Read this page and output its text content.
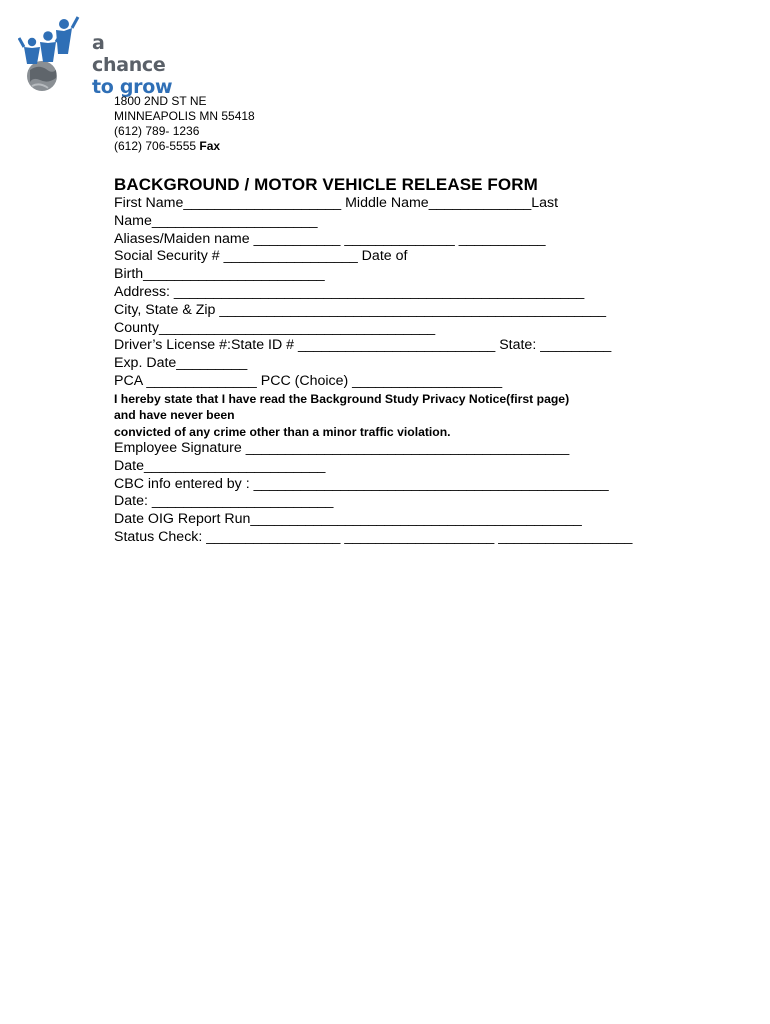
a chance
to grow
1800 2ND ST NE
MINNEAPOLIS MN 55418
(612) 789- 1236
(612) 706-5555 Fax
BACKGROUND / MOTOR VEHICLE RELEASE FORM
First Name____________________ Middle Name_____________Last
Name_____________________
Aliases/Maiden name ___________ ______________ ___________
Social Security # _________________ Date of
Birth_______________________
Address: ____________________________________________________
City, State & Zip _________________________________________________
County___________________________________
Driver’s License #:State ID # _________________________ State: _________
Exp. Date_________
PCA ______________ PCC (Choice) ___________________
I hereby state that I have read the Background Study Privacy Notice(first page)
and have never been
convicted of any crime other than a minor traffic violation.
Employee Signature _________________________________________
Date_______________________
CBC info entered by : _____________________________________________
Date: _______________________
Date OIG Report Run__________________________________________
Status Check: _________________ ___________________ _________________
